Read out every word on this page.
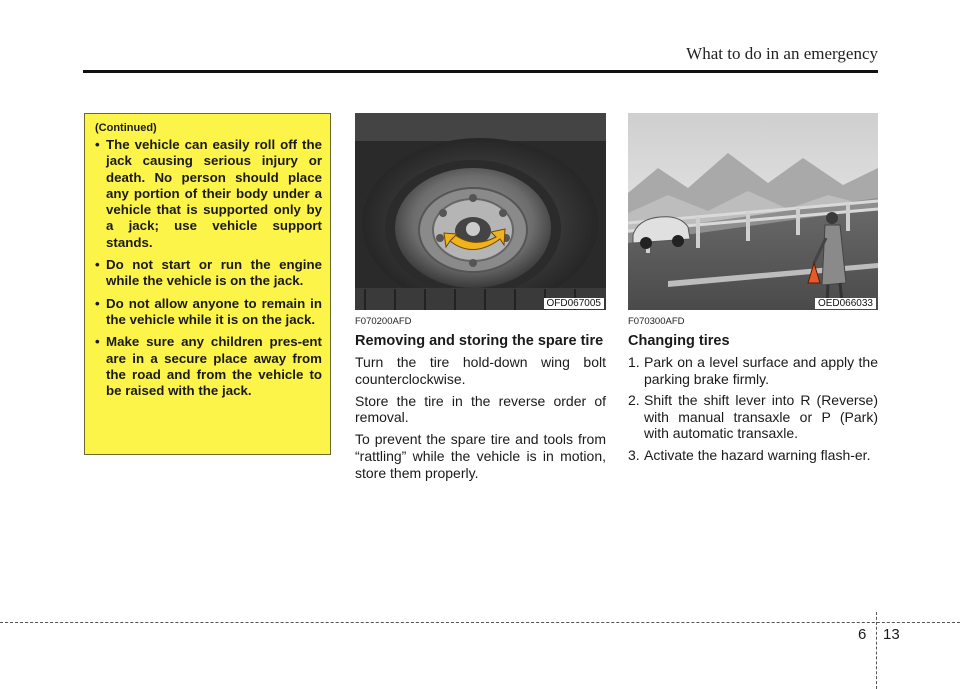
What to do in an emergency
(Continued)
• The vehicle can easily roll off the jack causing serious injury or death. No person should place any portion of their body under a vehicle that is supported only by a jack; use vehicle support stands.
• Do not start or run the engine while the vehicle is on the jack.
• Do not allow anyone to remain in the vehicle while it is on the jack.
• Make sure any children pres-ent are in a secure place away from the road and from the vehicle to be raised with the jack.
OFD067005	OED066033
F070200AFD
Removing and storing the spare tire

Turn the tire hold-down wing bolt counterclockwise.

Store the tire in the reverse order of removal.

To prevent the spare tire and tools from “rattling” while the vehicle is in motion, store them properly.

F070300AFD
Changing tires
1. Park on a level surface and apply the parking brake firmly.
2. Shift the shift lever into R (Reverse) with manual transaxle or P (Park) with automatic transaxle.
3. Activate the hazard warning flash-er.
6 13
